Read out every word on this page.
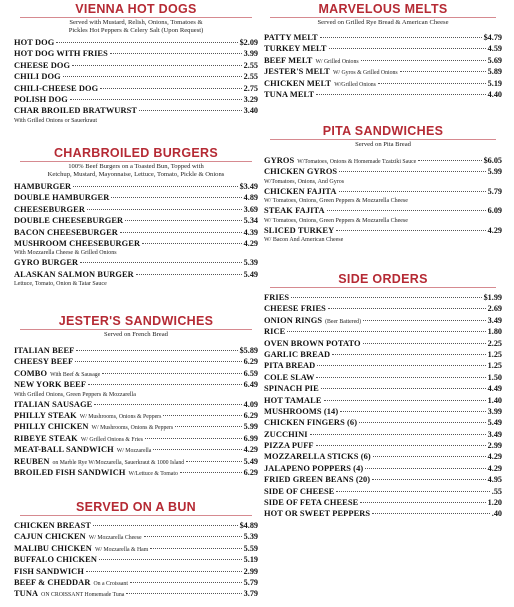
VIENNA HOT DOGS
Served with Mustard, Relish, Onions, Tomatoes &
Pickles Hot Peppers & Celery Salt (Upon Request)
HOT DOG	$2.09
HOT DOG WITH FRIES	3.99
CHEESE DOG	2.55
CHILI DOG	2.55
CHILI-CHEESE DOG	2.75
POLISH DOG	3.29
CHAR BROILED BRATWURST	3.40
With Grilled Onions or Sauerkraut
CHARBROILED BURGERS
100% Beef Burgers on a Toasted Bun, Topped with
Ketchup, Mustard, Mayonnaise, Lettuce, Tomato, Pickle & Onions
HAMBURGER	$3.49
DOUBLE HAMBURGER	4.89
CHEESEBURGER	3.69
DOUBLE CHEESEBURGER	5.34
BACON CHEESEBURGER	4.39
MUSHROOM CHEESEBURGER	4.29
With Mozzarella Cheese & Grilled Onions
GYRO BURGER	5.39
ALASKAN SALMON BURGER	5.49
Lettuce, Tomato, Onion & Tatar Sauce
JESTER'S SANDWICHES
Served on French Bread
ITALIAN BEEF	$5.89
CHEESY BEEF	6.29
COMBO With Beef & Sausage	6.59
NEW YORK BEEF	6.49
With Grilled Onions, Green Peppers & Mozzarella
ITALIAN SAUSAGE	4.09
PHILLY STEAK W/ Mushrooms, Onions & Peppers	6.29
PHILLY CHICKEN W/ Mushrooms, Onions & Peppers	5.99
RIBEYE STEAK W/ Grilled Onions & Fries	6.99
MEAT-BALL SANDWICH W/ Mozzarella	4.29
REUBEN on Marble Rye W/Mozzarella, Sauerkraut & 1000 Island	5.49
BROILED FISH SANDWICH W/Lettuce & Tomato	6.29
SERVED ON A BUN
CHICKEN BREAST	$4.89
CAJUN CHICKEN W/ Mozzarella Cheese	5.39
MALIBU CHICKEN W/ Mozzarella & Ham	5.59
BUFFALO CHICKEN	5.19
FISH SANDWICH	2.99
BEEF & CHEDDAR On a Croissant	5.79
TUNA ON CROISSANT Homemade Tuna	3.79
MARVELOUS MELTS
Served on Grilled Rye Bread & American Cheese
PATTY MELT	$4.79
TURKEY MELT	4.59
BEEF MELT W/ Grilled Onions	5.69
JESTER'S MELT W/ Gyros & Grilled Onions	5.89
CHICKEN MELT W/Grilled Onions	5.19
TUNA MELT	4.40
PITA SANDWICHES
Served on Pita Bread
GYROS W/Tomatoes, Onions & Homemade Tzatziki Sauce	$6.05
CHICKEN GYROS	5.99
W/Tomatoes, Onions, And Gyros
CHICKEN FAJITA	5.79
W/ Tomatoes, Onions, Green Peppers & Mozzarella Cheese
STEAK FAJITA	6.09
W/ Tomatoes, Onions, Green Peppers & Mozzarella Cheese
SLICED TURKEY	4.29
W/ Bacon And American Cheese
SIDE ORDERS
FRIES	$1.99
CHEESE FRIES	2.69
ONION RINGS (Beer Battered)	3.49
RICE	1.80
OVEN BROWN POTATO	2.25
GARLIC BREAD	1.25
PITA BREAD	1.25
COLE SLAW	1.50
SPINACH PIE	4.49
HOT TAMALE	1.40
MUSHROOMS (14)	3.99
CHICKEN FINGERS (6)	5.49
ZUCCHINI	3.49
PIZZA PUFF	2.99
MOZZARELLA STICKS (6)	4.29
JALAPENO POPPERS (4)	4.29
FRIED GREEN BEANS (20)	4.95
SIDE OF CHEESE	.55
SIDE OF FETA CHEESE	1.20
HOT OR SWEET PEPPERS	.40
